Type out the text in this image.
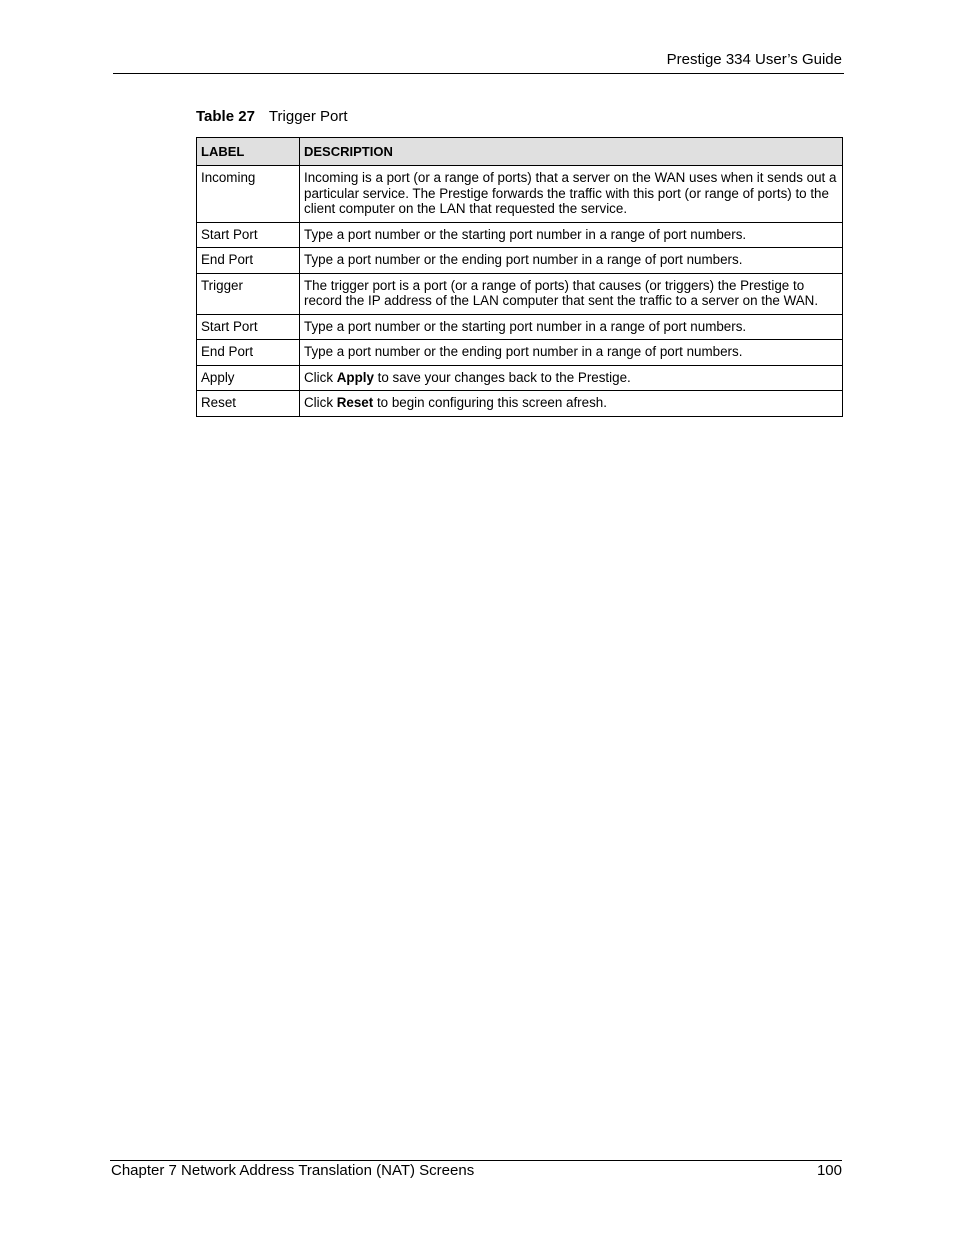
Prestige 334 User’s Guide
Table 27 Trigger Port
LABEL	DESCRIPTION
Incoming	Incoming is a port (or a range of ports) that a server on the WAN uses when it sends out a particular service. The Prestige forwards the traffic with this port (or range of ports) to the client computer on the LAN that requested the service.
Start Port	Type a port number or the starting port number in a range of port numbers.
End Port	Type a port number or the ending port number in a range of port numbers.
Trigger	The trigger port is a port (or a range of ports) that causes (or triggers) the Prestige to record the IP address of the LAN computer that sent the traffic to a server on the WAN.
Start Port	Type a port number or the starting port number in a range of port numbers.
End Port	Type a port number or the ending port number in a range of port numbers.
Apply	Click Apply to save your changes back to the Prestige.
Reset	Click Reset to begin configuring this screen afresh.
Chapter 7 Network Address Translation (NAT) Screens	100
